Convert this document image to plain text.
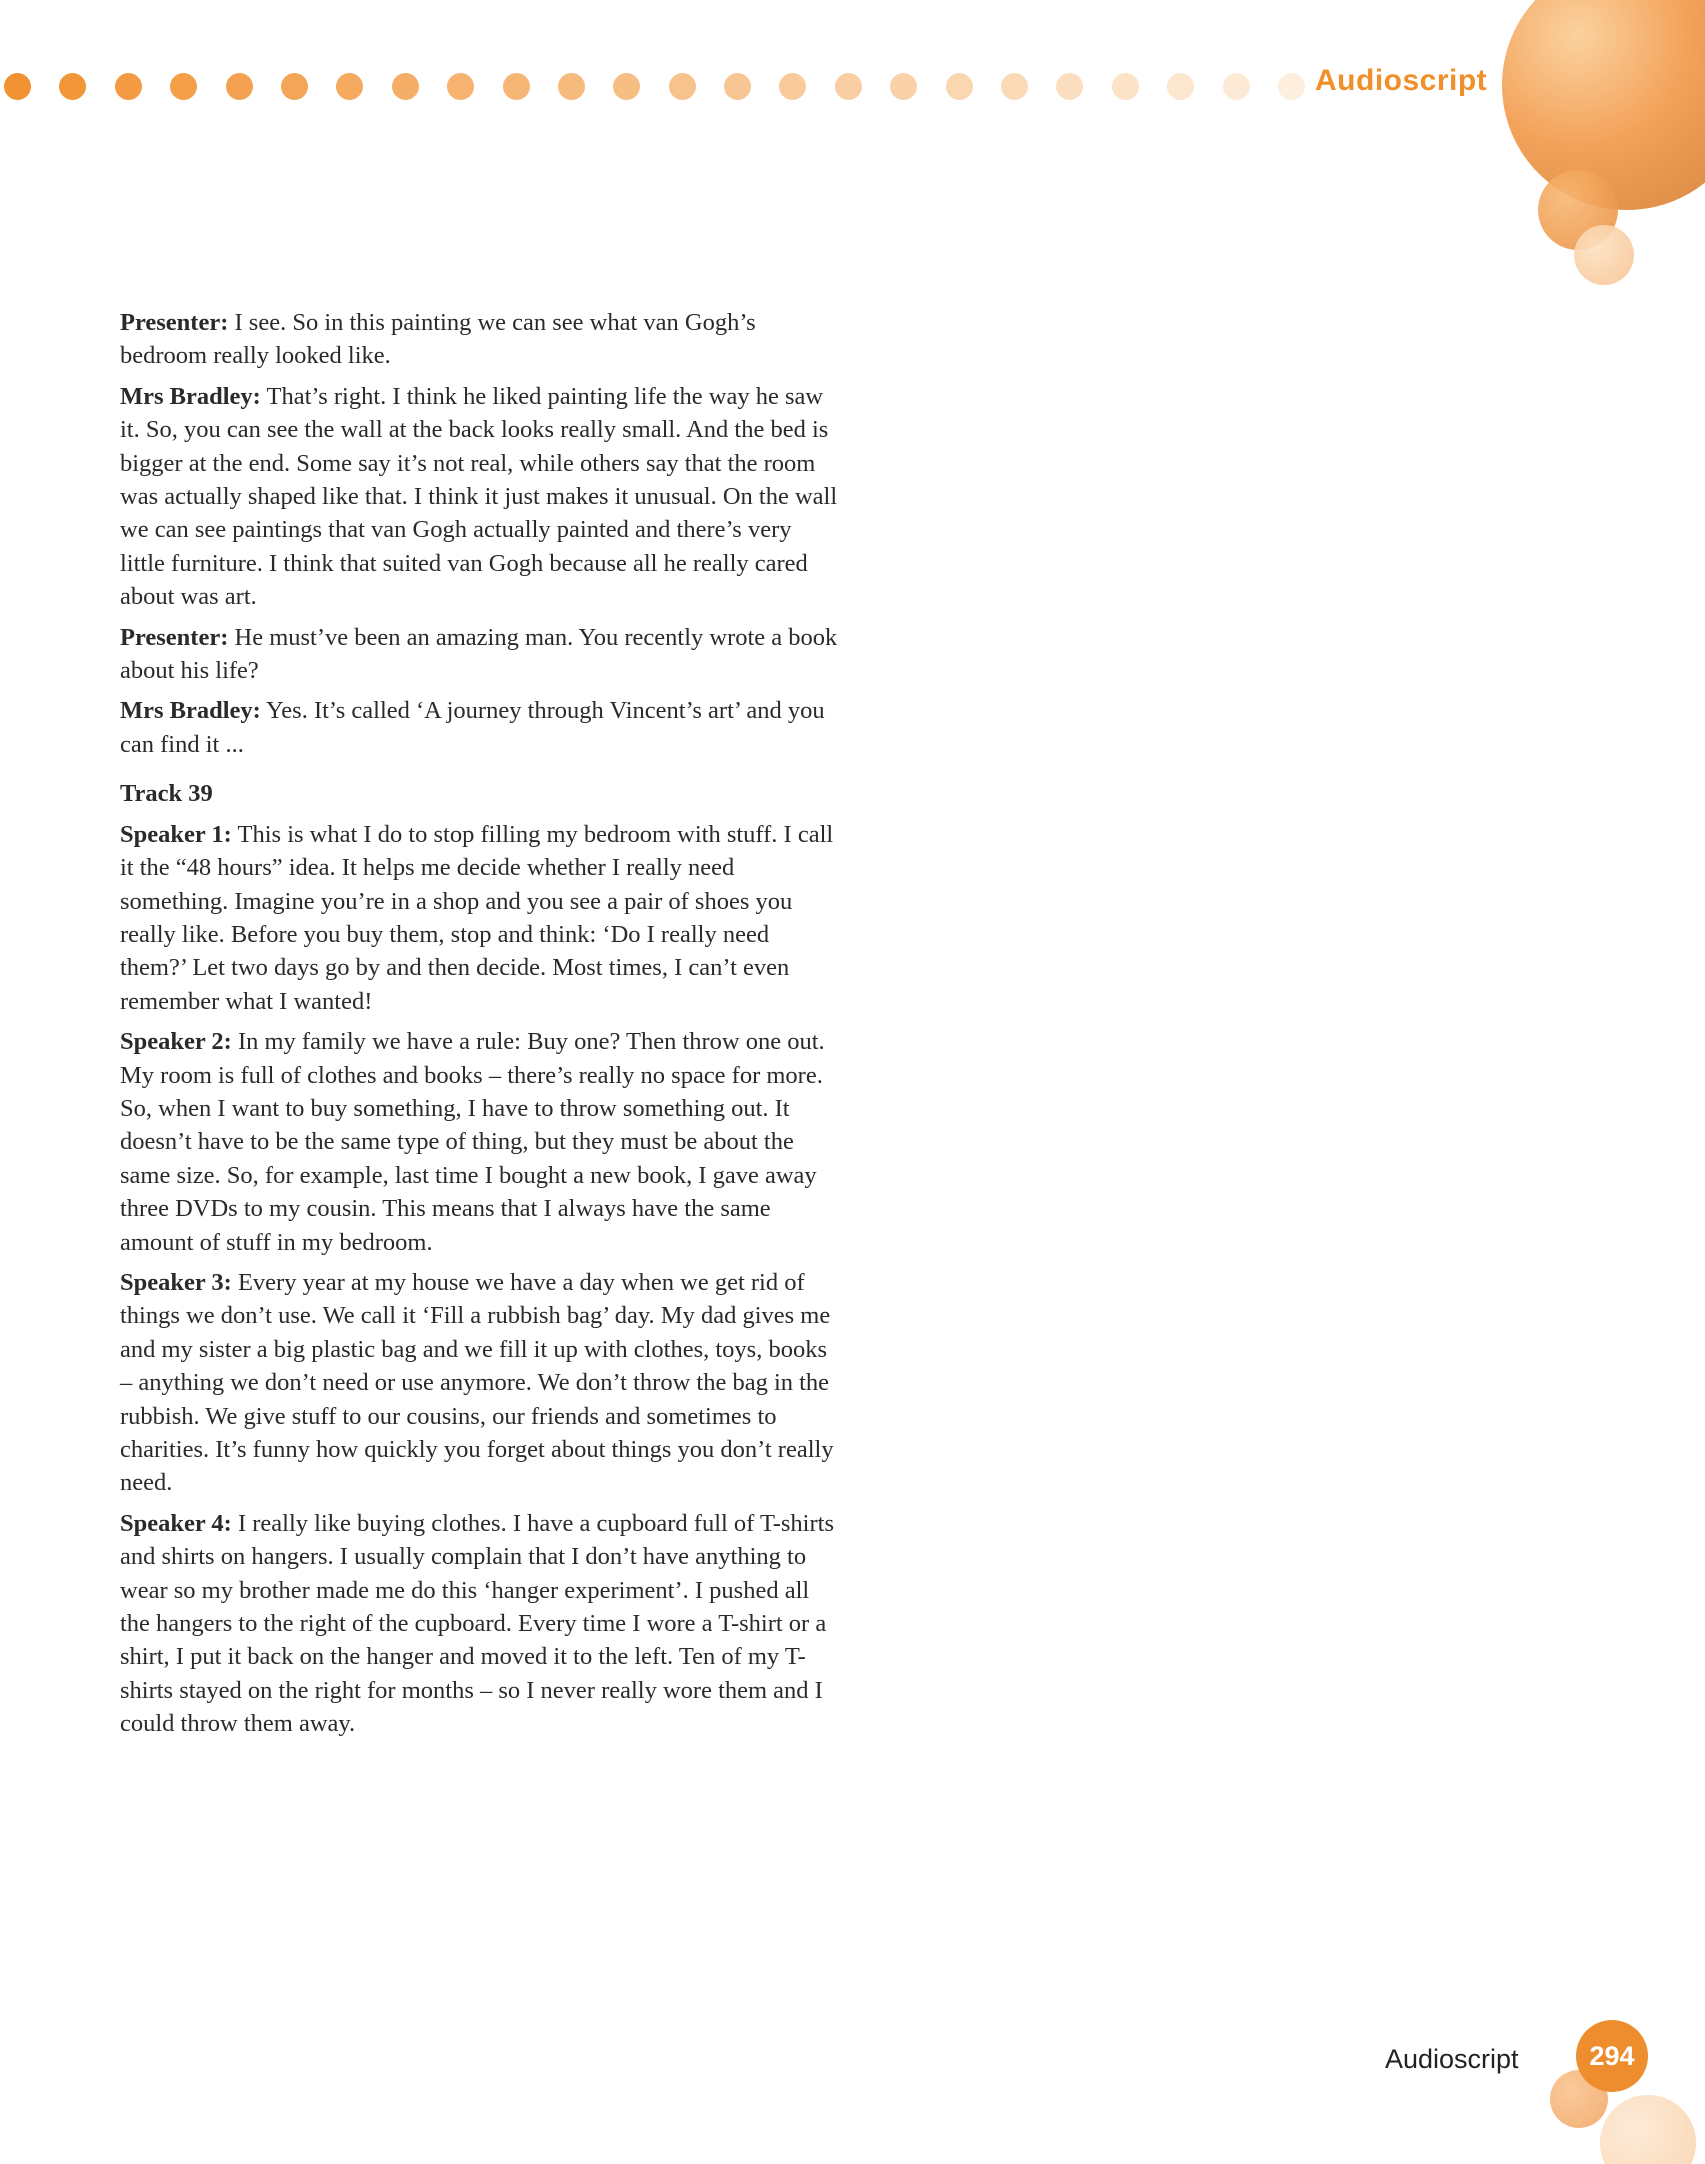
Audioscript

Presenter: I see. So in this painting we can see what van Gogh’s bedroom really looked like.

Mrs Bradley: That’s right. I think he liked painting life the way he saw it. So, you can see the wall at the back looks really small. And the bed is bigger at the end. Some say it’s not real, while others say that the room was actually shaped like that. I think it just makes it unusual. On the wall we can see paintings that van Gogh actually painted and there’s very little furniture. I think that suited van Gogh because all he really cared about was art.

Presenter: He must’ve been an amazing man. You recently wrote a book about his life?

Mrs Bradley: Yes. It’s called ‘A journey through Vincent’s art’ and you can find it ...

Track 39

Speaker 1: This is what I do to stop filling my bedroom with stuff. I call it the “48 hours” idea. It helps me decide whether I really need something. Imagine you’re in a shop and you see a pair of shoes you really like. Before you buy them, stop and think: ‘Do I really need them?’ Let two days go by and then decide. Most times, I can’t even remember what I wanted!

Speaker 2: In my family we have a rule: Buy one? Then throw one out. My room is full of clothes and books – there’s really no space for more. So, when I want to buy something, I have to throw something out. It doesn’t have to be the same type of thing, but they must be about the same size. So, for example, last time I bought a new book, I gave away three DVDs to my cousin. This means that I always have the same amount of stuff in my bedroom.

Speaker 3: Every year at my house we have a day when we get rid of things we don’t use. We call it ‘Fill a rubbish bag’ day. My dad gives me and my sister a big plastic bag and we fill it up with clothes, toys, books – anything we don’t need or use anymore. We don’t throw the bag in the rubbish. We give stuff to our cousins, our friends and sometimes to charities. It’s funny how quickly you forget about things you don’t really need.

Speaker 4: I really like buying clothes. I have a cupboard full of T-shirts and shirts on hangers. I usually complain that I don’t have anything to wear so my brother made me do this ‘hanger experiment’. I pushed all the hangers to the right of the cupboard. Every time I wore a T-shirt or a shirt, I put it back on the hanger and moved it to the left. Ten of my T-shirts stayed on the right for months – so I never really wore them and I could throw them away.

Audioscript	294
